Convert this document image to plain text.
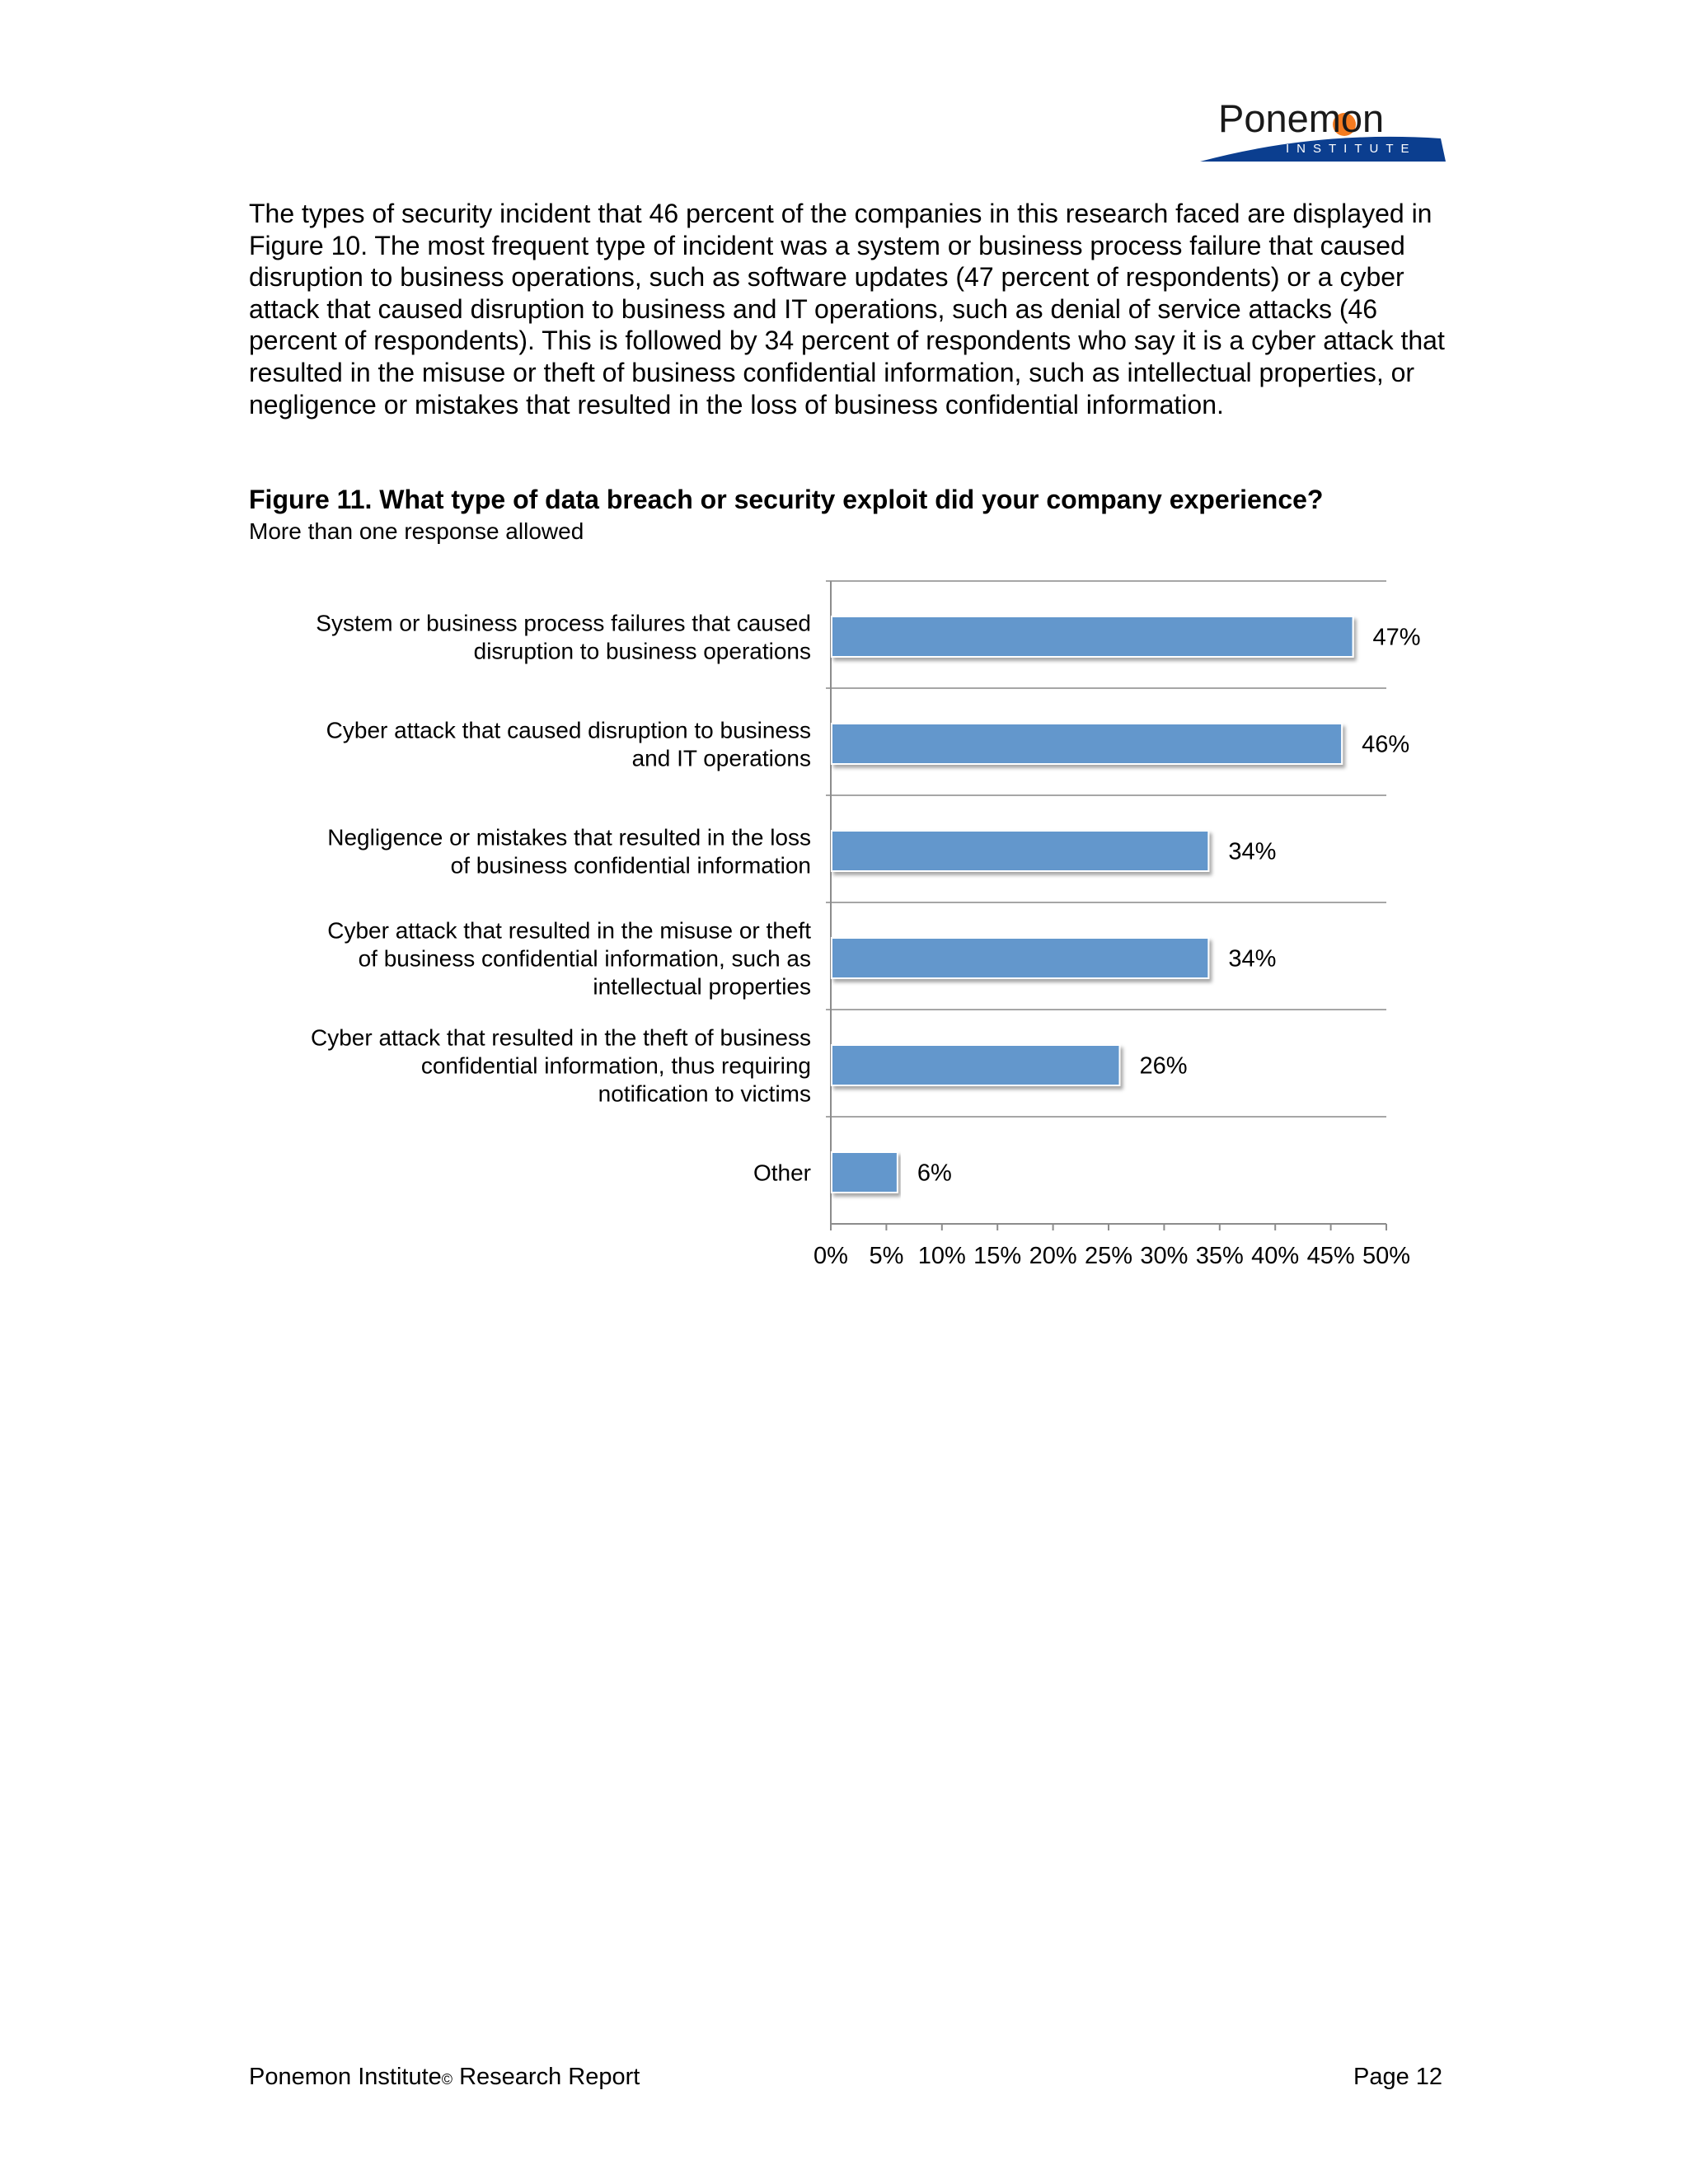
Ponemon
INSTITUTE

The types of security incident that 46 percent of the companies in this research faced are displayed in Figure 10. The most frequent type of incident was a system or business process failure that caused disruption to business operations, such as software updates (47 percent of respondents) or a cyber attack that caused disruption to business and IT operations, such as denial of service attacks (46 percent of respondents). This is followed by 34 percent of respondents who say it is a cyber attack that resulted in the misuse or theft of business confidential information, such as intellectual properties, or negligence or mistakes that resulted in the loss of business confidential information.

Figure 11. What type of data breach or security exploit did your company experience?

More than one response allowed

0% 5% 10% 15% 20% 25% 30% 35% 40% 45% 50%
47%
System or business process failures that caused disruption to business operations
46%
Cyber attack that caused disruption to business and IT operations
34%
Negligence or mistakes that resulted in the loss of business confidential information
34%
Cyber attack that resulted in the misuse or theft of business confidential information, such as intellectual properties
26%
Cyber attack that resulted in the theft of business confidential information, thus requiring notification to victims
6%
Other
Ponemon Institute© Research Report	Page 12
